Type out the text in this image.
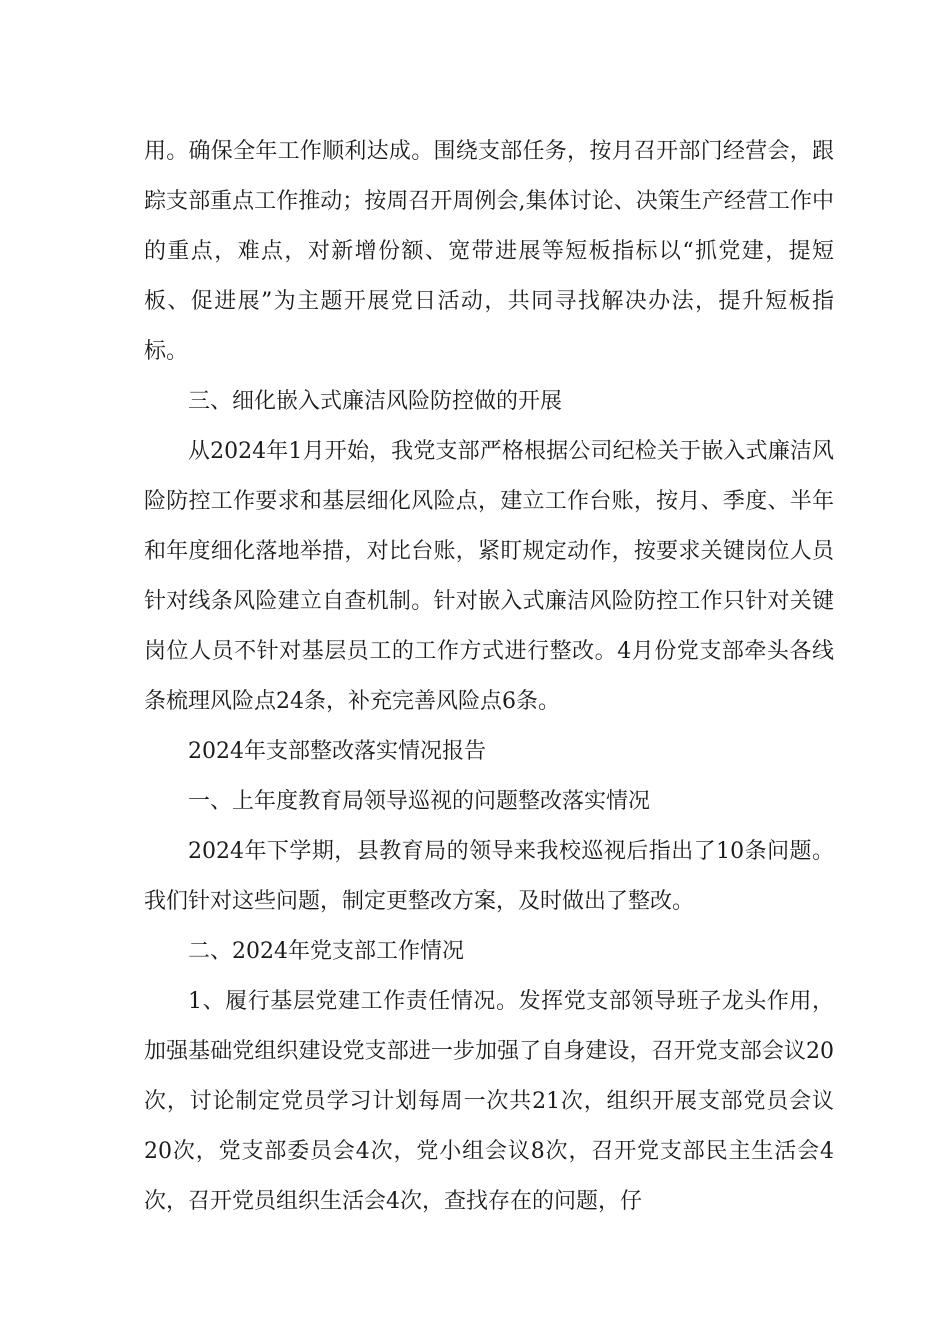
用。确保全年工作顺利达成。围绕支部任务，按月召开部门经营会，跟踪支部重点工作推动；按周召开周例会,集体讨论、决策生产经营工作中的重点，难点，对新增份额、宽带进展等短板指标以“抓党建，提短板、促进展”为主题开展党日活动，共同寻找解决办法，提升短板指标。

三、细化嵌入式廉洁风险防控做的开展

从2024年1月开始，我党支部严格根据公司纪检关于嵌入式廉洁风险防控工作要求和基层细化风险点，建立工作台账，按月、季度、半年和年度细化落地举措，对比台账，紧盯规定动作，按要求关键岗位人员针对线条风险建立自查机制。针对嵌入式廉洁风险防控工作只针对关键岗位人员不针对基层员工的工作方式进行整改。4月份党支部牵头各线条梳理风险点24条，补充完善风险点6条。

2024年支部整改落实情况报告

一、上年度教育局领导巡视的问题整改落实情况

2024年下学期，县教育局的领导来我校巡视后指出了10条问题。我们针对这些问题，制定更整改方案，及时做出了整改。

二、2024年党支部工作情况

1、履行基层党建工作责任情况。发挥党支部领导班子龙头作用，加强基础党组织建设党支部进一步加强了自身建设，召开党支部会议20次，讨论制定党员学习计划每周一次共21次，组织开展支部党员会议20次，党支部委员会4次，党小组会议8次，召开党支部民主生活会4次，召开党员组织生活会4次，查找存在的问题，仔
